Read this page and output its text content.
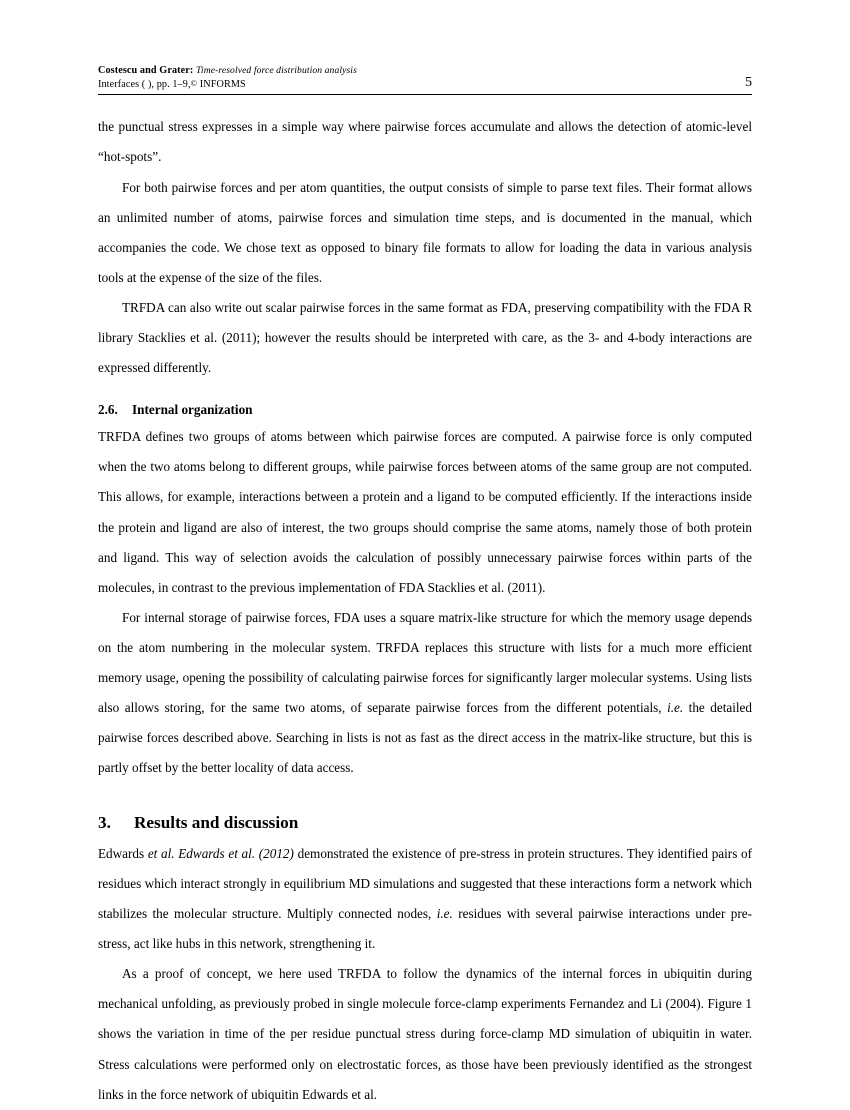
Costescu and Grater: Time-resolved force distribution analysis
Interfaces ( ), pp. 1–9,© INFORMS	5

the punctual stress expresses in a simple way where pairwise forces accumulate and allows the detection of atomic-level “hot-spots”.

For both pairwise forces and per atom quantities, the output consists of simple to parse text files. Their format allows an unlimited number of atoms, pairwise forces and simulation time steps, and is documented in the manual, which accompanies the code. We chose text as opposed to binary file formats to allow for loading the data in various analysis tools at the expense of the size of the files.

TRFDA can also write out scalar pairwise forces in the same format as FDA, preserving compatibility with the FDA R library Stacklies et al. (2011); however the results should be interpreted with care, as the 3- and 4-body interactions are expressed differently.

2.6. Internal organization

TRFDA defines two groups of atoms between which pairwise forces are computed. A pairwise force is only computed when the two atoms belong to different groups, while pairwise forces between atoms of the same group are not computed. This allows, for example, interactions between a protein and a ligand to be computed efficiently. If the interactions inside the protein and ligand are also of interest, the two groups should comprise the same atoms, namely those of both protein and ligand. This way of selection avoids the calculation of possibly unnecessary pairwise forces within parts of the molecules, in contrast to the previous implementation of FDA Stacklies et al. (2011).

For internal storage of pairwise forces, FDA uses a square matrix-like structure for which the memory usage depends on the atom numbering in the molecular system. TRFDA replaces this structure with lists for a much more efficient memory usage, opening the possibility of calculating pairwise forces for significantly larger molecular systems. Using lists also allows storing, for the same two atoms, of separate pairwise forces from the different potentials, i.e. the detailed pairwise forces described above. Searching in lists is not as fast as the direct access in the matrix-like structure, but this is partly offset by the better locality of data access.

3. Results and discussion

Edwards et al. Edwards et al. (2012) demonstrated the existence of pre-stress in protein structures. They identified pairs of residues which interact strongly in equilibrium MD simulations and suggested that these interactions form a network which stabilizes the molecular structure. Multiply connected nodes, i.e. residues with several pairwise interactions under pre-stress, act like hubs in this network, strengthening it.

As a proof of concept, we here used TRFDA to follow the dynamics of the internal forces in ubiquitin during mechanical unfolding, as previously probed in single molecule force-clamp experiments Fernandez and Li (2004). Figure 1 shows the variation in time of the per residue punctual stress during force-clamp MD simulation of ubiquitin in water. Stress calculations were performed only on electrostatic forces, as those have been previously identified as the strongest links in the force network of ubiquitin Edwards et al.
